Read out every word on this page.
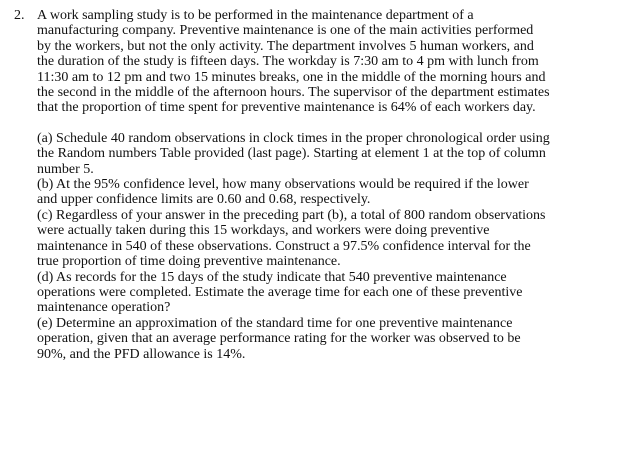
2. A work sampling study is to be performed in the maintenance department of a
manufacturing company. Preventive maintenance is one of the main activities performed
by the workers, but not the only activity. The department involves 5 human workers, and
the duration of the study is fifteen days. The workday is 7:30 am to 4 pm with lunch from
11:30 am to 12 pm and two 15 minutes breaks, one in the middle of the morning hours and
the second in the middle of the afternoon hours. The supervisor of the department estimates
that the proportion of time spent for preventive maintenance is 64% of each workers day.

(a) Schedule 40 random observations in clock times in the proper chronological order using
the Random numbers Table provided (last page). Starting at element 1 at the top of column
number 5.

(b) At the 95% confidence level, how many observations would be required if the lower
and upper confidence limits are 0.60 and 0.68, respectively.

(c) Regardless of your answer in the preceding part (b), a total of 800 random observations
were actually taken during this 15 workdays, and workers were doing preventive
maintenance in 540 of these observations. Construct a 97.5% confidence interval for the
true proportion of time doing preventive maintenance.

(d) As records for the 15 days of the study indicate that 540 preventive maintenance
operations were completed. Estimate the average time for each one of these preventive
maintenance operation?

(e) Determine an approximation of the standard time for one preventive maintenance
operation, given that an average performance rating for the worker was observed to be
90%, and the PFD allowance is 14%.
